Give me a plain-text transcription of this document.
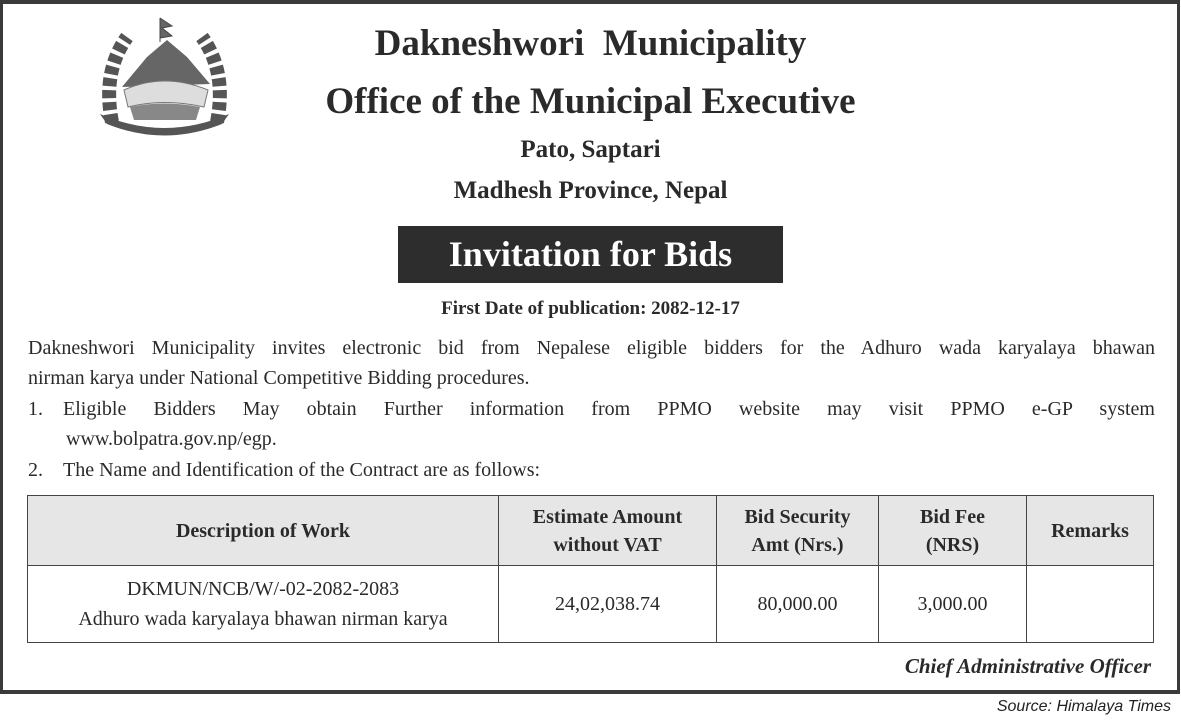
Dakneshwori  Municipality
Office of the Municipal Executive
Pato, Saptari
Madhesh Province, Nepal
Invitation for Bids
First Date of publication: 2082-12-17
Dakneshwori Municipality invites electronic bid from Nepalese eligible bidders for the Adhuro wada karyalaya bhawan
nirman karya under National Competitive Bidding procedures.
1. Eligible Bidders May obtain Further information from PPMO website may visit PPMO e-GP system
www.bolpatra.gov.np/egp.
2. The Name and Identification of the Contract are as follows:
Description of Work	Estimate Amount without VAT	Bid Security Amt (Nrs.)	Bid Fee (NRS)	Remarks

DKMUN/NCB/W/-02-2082-2083
Adhuro wada karyalaya bhawan nirman karya	24,02,038.74	80,000.00	3,000.00	
Chief Administrative Officer
Source: Himalaya Times
